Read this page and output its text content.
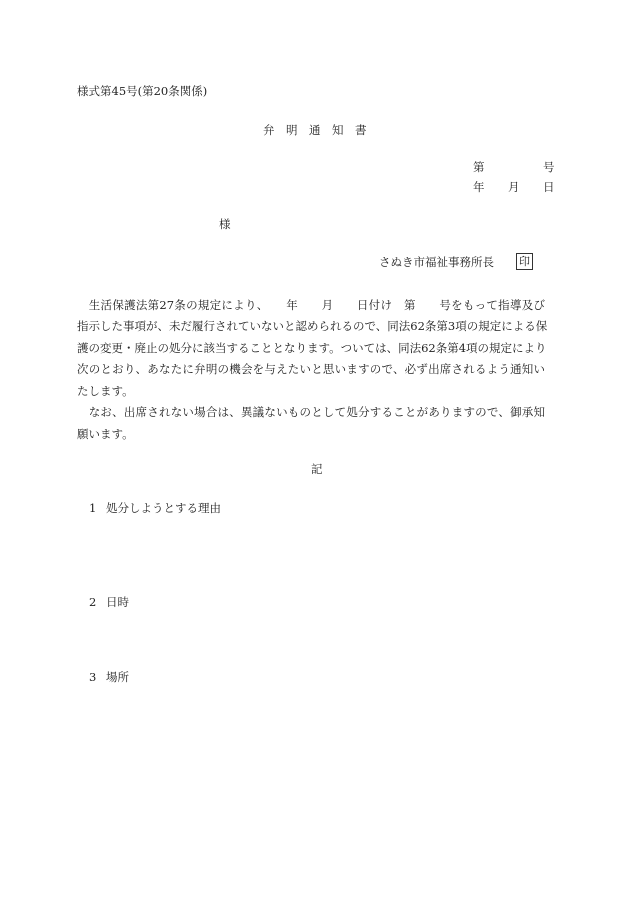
様式第45号(第20条関係)
弁　明　通　知　書
第	号
年 月 日
様
さぬき市福祉事務所長 印
　生活保護法第27条の規定により、　　年　　月　　日付け　第　　号をもって指導及び
指示した事項が、未だ履行されていないと認められるので、同法62条第3項の規定による保
護の変更・廃止の処分に該当することとなります。ついては、同法62条第4項の規定により
次のとおり、あなたに弁明の機会を与えたいと思いますので、必ず出席されるよう通知い
たします。
　なお、出席されない場合は、異議ないものとして処分することがありますので、御承知
願います。
記
1 処分しようとする理由
2 日時
3 場所
